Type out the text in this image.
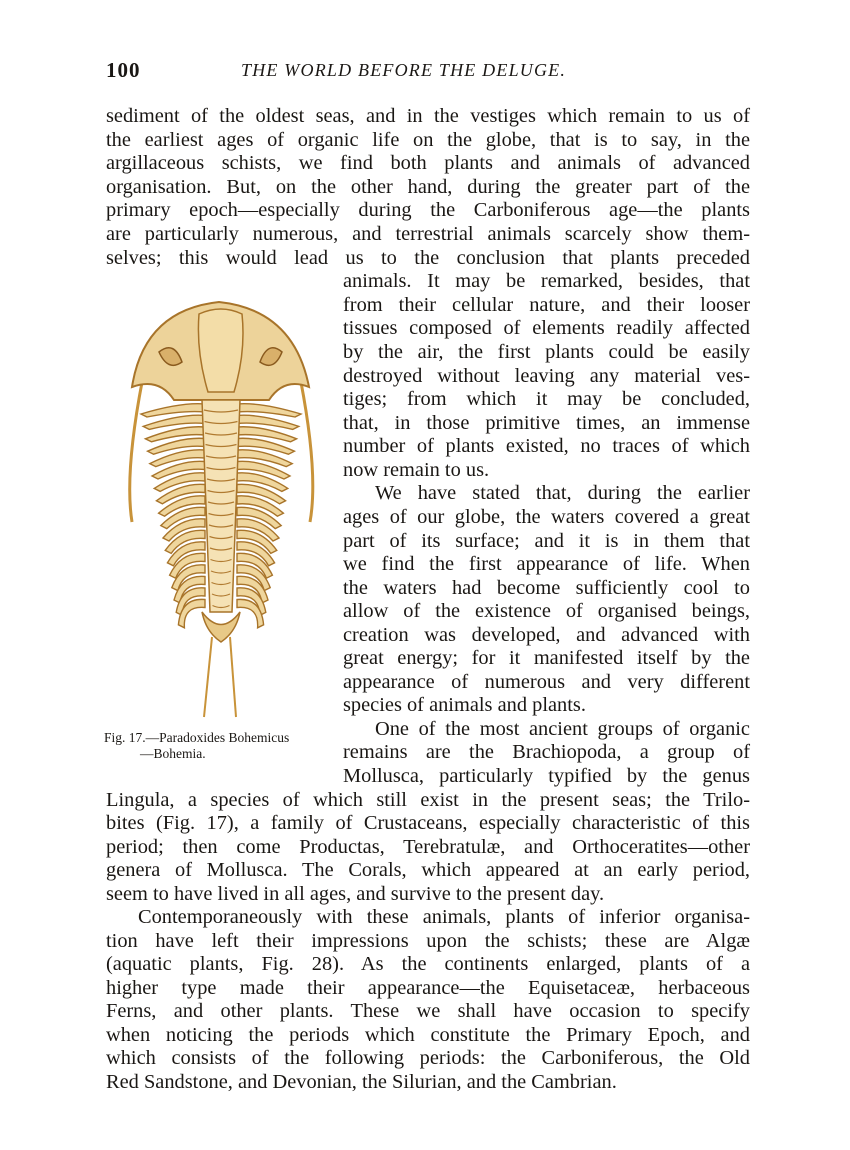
100	THE WORLD BEFORE THE DELUGE.
sediment of the oldest seas, and in the vestiges which remain to us of
the earliest ages of organic life on the globe, that is to say, in the
argillaceous schists, we find both plants and animals of advanced
organisation. But, on the other hand, during the greater part of the
primary epoch—especially during the Carboniferous age—the plants
are particularly numerous, and terrestrial animals scarcely show them-
selves; this would lead us to the conclusion that plants preceded
animals. It may be remarked, besides, that
from their cellular nature, and their looser
tissues composed of elements readily affected
by the air, the first plants could be easily
destroyed without leaving any material ves-
tiges; from which it may be concluded,
that, in those primitive times, an immense
number of plants existed, no traces of which
now remain to us.
We have stated that, during the earlier
ages of our globe, the waters covered a great
part of its surface; and it is in them that
we find the first appearance of life. When
the waters had become sufficiently cool to
allow of the existence of organised beings,
creation was developed, and advanced with
great energy; for it manifested itself by the
appearance of numerous and very different
species of animals and plants.
One of the most ancient groups of organic
remains are the Brachiopoda, a group of
Mollusca, particularly typified by the genus
Lingula, a species of which still exist in the present seas; the Trilo-
bites (Fig. 17), a family of Crustaceans, especially characteristic of this
period; then come Productas, Terebratulæ, and Orthoceratites—other
genera of Mollusca. The Corals, which appeared at an early period,
seem to have lived in all ages, and survive to the present day.
Contemporaneously with these animals, plants of inferior organisa-
tion have left their impressions upon the schists; these are Algæ
(aquatic plants, Fig. 28). As the continents enlarged, plants of a
higher type made their appearance—the Equisetaceæ, herbaceous
Ferns, and other plants. These we shall have occasion to specify
when noticing the periods which constitute the Primary Epoch, and
which consists of the following periods: the Carboniferous, the Old
Red Sandstone, and Devonian, the Silurian, and the Cambrian.
Fig. 17.—Paradoxides Bohemicus
—Bohemia.
